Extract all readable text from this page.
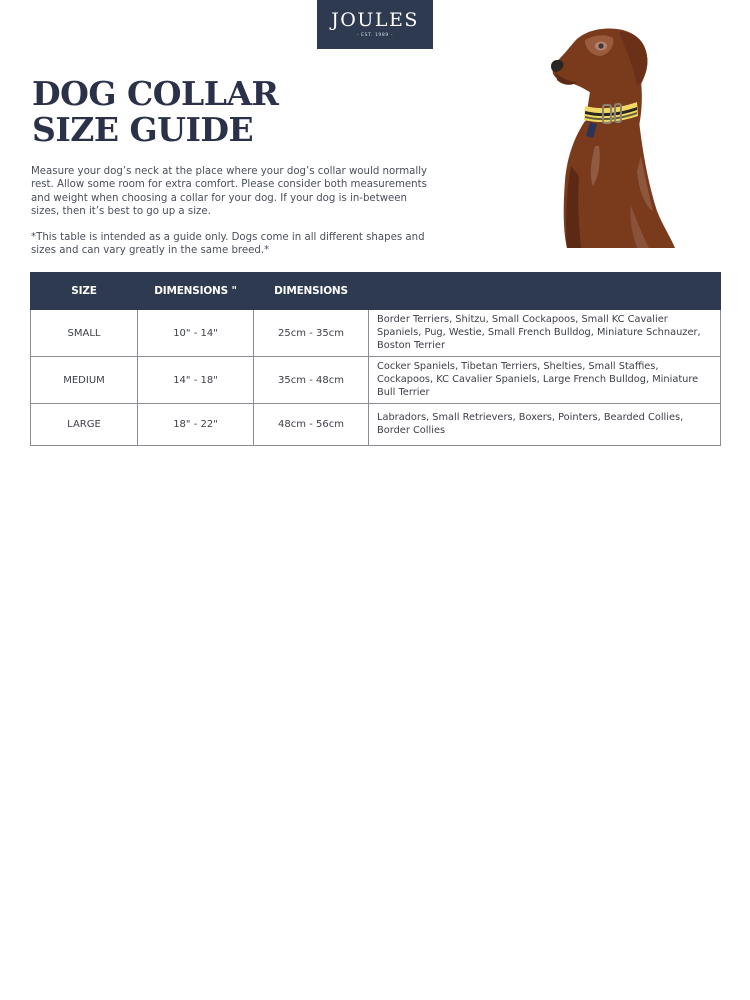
JOULES
- EST. 1989 -
DOG COLLAR
SIZE GUIDE

Measure your dog’s neck at the place where your dog’s collar would normally rest. Allow some room for extra comfort. Please consider both measurements and weight when choosing a collar for your dog. If your dog is in-between sizes, then it’s best to go up a size.

*This table is intended as a guide only. Dogs come in all different shapes and sizes and can vary greatly in the same breed.*

SIZE	DIMENSIONS "	DIMENSIONS	
SMALL	10" - 14"	25cm - 35cm	Border Terriers, Shitzu, Small Cockapoos, Small KC Cavalier Spaniels, Pug, Westie, Small French Bulldog, Miniature Schnauzer, Boston Terrier
MEDIUM	14" - 18"	35cm - 48cm	Cocker Spaniels, Tibetan Terriers, Shelties, Small Staffies, Cockapoos, KC Cavalier Spaniels, Large French Bulldog, Miniature Bull Terrier
LARGE	18" - 22"	48cm - 56cm	Labradors, Small Retrievers, Boxers, Pointers, Bearded Collies, Border Collies
